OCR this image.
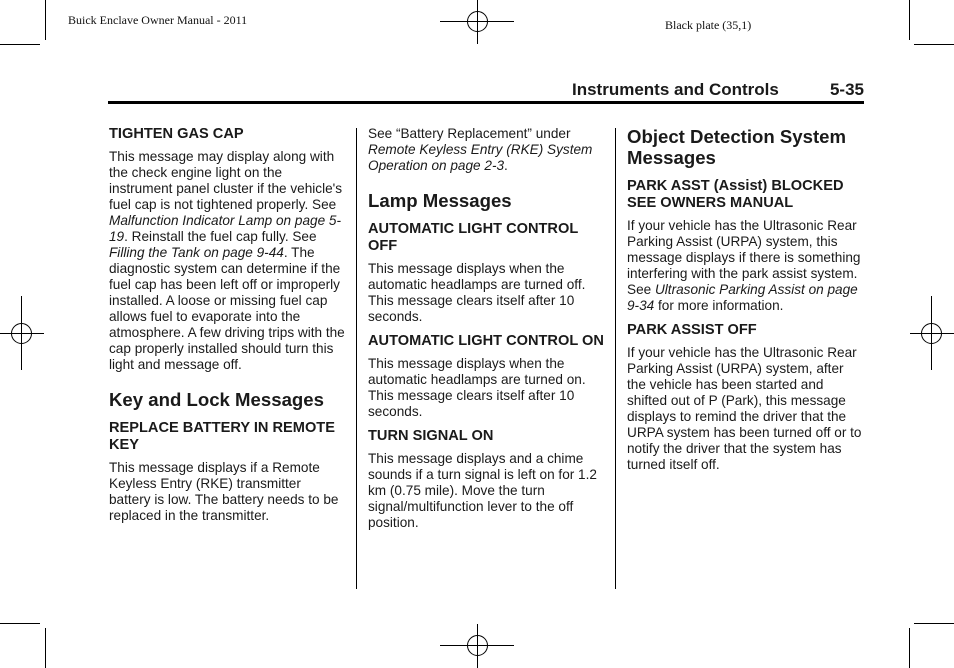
Buick Enclave Owner Manual - 2011	Black plate (35,1)
Instruments and Controls	5-35
TIGHTEN GAS CAP

This message may display along with the check engine light on the instrument panel cluster if the vehicle's fuel cap is not tightened properly. See Malfunction Indicator Lamp on page 5-19. Reinstall the fuel cap fully. See Filling the Tank on page 9-44. The diagnostic system can determine if the fuel cap has been left off or improperly installed. A loose or missing fuel cap allows fuel to evaporate into the atmosphere. A few driving trips with the cap properly installed should turn this light and message off.

Key and Lock Messages
REPLACE BATTERY IN REMOTE KEY

This message displays if a Remote Keyless Entry (RKE) transmitter battery is low. The battery needs to be replaced in the transmitter.

See “Battery Replacement” under Remote Keyless Entry (RKE) System Operation on page 2-3.

Lamp Messages
AUTOMATIC LIGHT CONTROL OFF

This message displays when the automatic headlamps are turned off. This message clears itself after 10 seconds.

AUTOMATIC LIGHT CONTROL ON

This message displays when the automatic headlamps are turned on. This message clears itself after 10 seconds.

TURN SIGNAL ON

This message displays and a chime sounds if a turn signal is left on for 1.2 km (0.75 mile). Move the turn signal/multifunction lever to the off position.

Object Detection System Messages
PARK ASST (Assist) BLOCKED SEE OWNERS MANUAL

If your vehicle has the Ultrasonic Rear Parking Assist (URPA) system, this message displays if there is something interfering with the park assist system. See Ultrasonic Parking Assist on page 9-34 for more information.

PARK ASSIST OFF

If your vehicle has the Ultrasonic Rear Parking Assist (URPA) system, after the vehicle has been started and shifted out of P (Park), this message displays to remind the driver that the URPA system has been turned off or to notify the driver that the system has turned itself off.
